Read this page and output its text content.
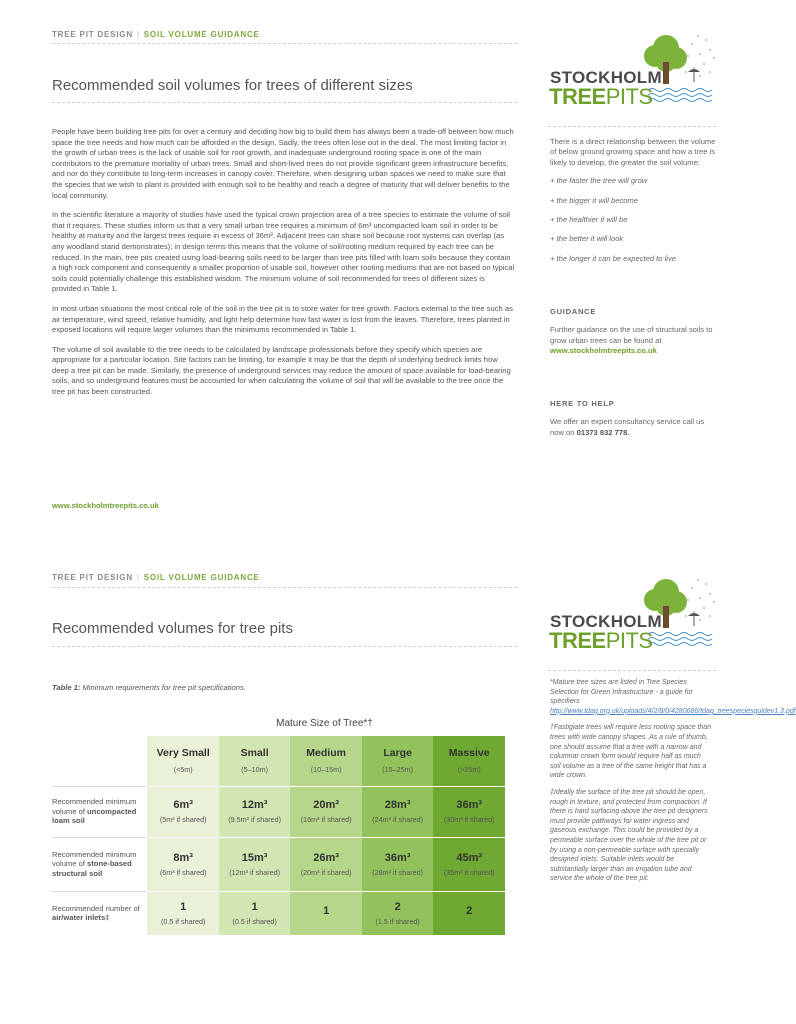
TREE PIT DESIGN | SOIL VOLUME GUIDANCE
Recommended soil volumes for trees of different sizes	STOCKHOLM
TREEPITS

People have been building tree pits for over a century and deciding how big to build them has always been a trade-off between how much space the tree needs and how much can be afforded in the design. Sadly, the trees often lose out in the deal. The most limiting factor in the growth of urban trees is the lack of usable soil for root growth, and inadequate underground rooting space is one of the main contributors to the premature mortality of urban trees. Small and short-lived trees do not provide significant green infrastructure benefits, and nor do they contribute to long-term increases in canopy cover. Therefore, when designing urban spaces we need to make sure that the species that we wish to plant is provided with enough soil to be healthy and reach a degree of maturity that will deliver benefits to the local community.

In the scientific literature a majority of studies have used the typical crown projection area of a tree species to estimate the volume of soil that it requires. These studies inform us that a very small urban tree requires a minimum of 6m³ uncompacted loam soil in order to be healthy at maturity and the largest trees require in excess of 36m³. Adjacent trees can share soil because root systems can overlap (as any woodland stand demonstrates); in design terms this means that the volume of soil/rooting medium required by each tree can be reduced. In the main, tree pits created using load-bearing soils need to be larger than tree pits filled with loam soils because they contain a high rock component and consequently a smaller proportion of usable soil, however other rooting mediums that are not based on typical soils could potentially challenge this established wisdom. The minimum volume of soil recommended for trees of different sizes is provided in Table 1.

In most urban situations the most critical role of the soil in the tree pit is to store water for tree growth. Factors external to the tree such as air temperature, wind speed, relative humidity, and light help determine how fast water is lost from the leaves. Therefore, trees planted in exposed locations will require larger volumes than the minimums recommended in Table 1.

The volume of soil available to the tree needs to be calculated by landscape professionals before they specify which species are appropriate for a particular location. Site factors can be limiting, for example it may be that the depth of underlying bedrock limits how deep a tree pit can be made. Similarly, the presence of underground services may reduce the amount of space available for load-bearing soils, and so underground features must be accounted for when calculating the volume of soil that will be available to the tree once the tree pit has been constructed.

www.stockholmtreepits.co.uk

There is a direct relationship between the volume of below ground growing space and how a tree is likely to develop, the greater the soil volume:

+ the faster the tree will grow

+ the bigger it will become

+ the healthier it will be

+ the better it will look

+ the longer it can be expected to live

GUIDANCE
Further guidance on the use of structural soils to grow urban trees can be found at
www.stockholmtreepits.co.uk
HERE TO HELP
We offer an expert consultancy service call us now on 01373 832 778.
TREE PIT DESIGN | SOIL VOLUME GUIDANCE
Recommended volumes for tree pits	STOCKHOLM
TREEPITS
Table 1: Minimum requirements for tree pit specifications.
Mature Size of Tree*†

	Very Small
(<5m)	Small
(5–10m)	Medium
(10–15m)	Large
(15–25m)	Massive
(>25m)

Recommended minimum volume of uncompacted loam soil	6m³
(5m³ if shared)	12m³
(9.5m³ if shared)	20m³
(16m³ if shared)	28m³
(24m³ if shared)	36m³
(30m³ if shared)

Recommended minimum volume of stone-based structural soil	8m³
(6m³ if shared)	15m³
(12m³ if shared)	26m³
(20m³ if shared)	36m³
(28m³ if shared)	45m³
(35m³ if shared)

Recommended number of air/water inlets‡	1
(0.5 if shared)	1
(0.5 if shared)	1	2
(1.5 if shared)	2

*Mature tree sizes are listed in Tree Species Selection for Green Infrastructure - a guide for specifiers http://www.tdag.org.uk/uploads/4/2/8/0/4280686/tdag_treespeciesguidev1.3.pdf

†Fastigiate trees will require less rooting space than trees with wide canopy shapes. As a rule of thumb, one should assume that a tree with a narrow and columnar crown form would require half as much soil volume as a tree of the same height that has a wide crown.

‡Ideally the surface of the tree pit should be open, rough in texture, and protected from compaction. If there is hard surfacing above the tree pit designers must provide pathways for water ingress and gaseous exchange. This could be provided by a permeable surface over the whole of the tree pit or by using a non-permeable surface with specially designed inlets. Suitable inlets would be substantially larger than an irrigation tube and service the whole of the tree pit.
